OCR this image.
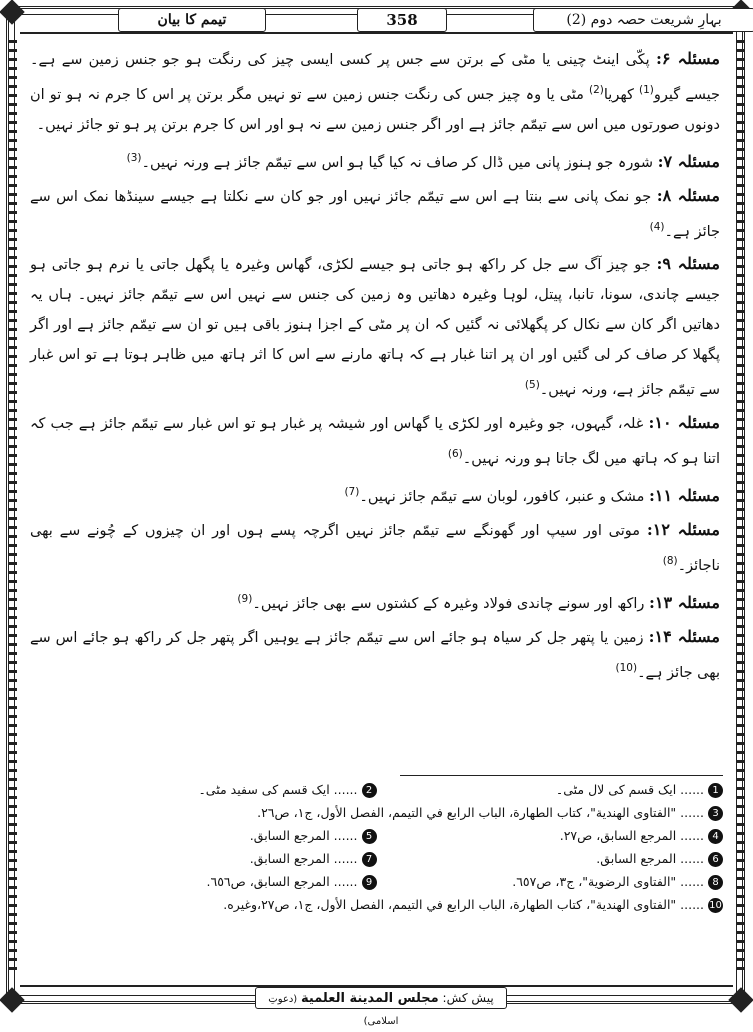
تیمم کا بیان	358	بہارِ شریعت حصہ دوم (2)

مسئلہ ۶: پکّی اینٹ چینی یا مٹی کے برتن سے جس پر کسی ایسی چیز کی رنگت ہو جو جنس زمین سے ہے۔ جیسے گیرو$^{(1)}$ کھریا$^{(2)}$ مٹی یا وہ چیز جس کی رنگت جنس زمین سے تو نہیں مگر برتن پر اس کا جرم نہ ہو تو ان دونوں صورتوں میں اس سے تیمّم جائز ہے اور اگر جنس زمین سے نہ ہو اور اس کا جرم برتن پر ہو تو جائز نہیں۔

مسئلہ ۷: شورہ جو ہنوز پانی میں ڈال کر صاف نہ کیا گیا ہو اس سے تیمّم جائز ہے ورنہ نہیں۔$^{(3)}$

مسئلہ ۸: جو نمک پانی سے بنتا ہے اس سے تیمّم جائز نہیں اور جو کان سے نکلتا ہے جیسے سینڈھا نمک اس سے جائز ہے۔$^{(4)}$

مسئلہ ۹: جو چیز آگ سے جل کر راکھ ہو جاتی ہو جیسے لکڑی، گھاس وغیرہ یا پگھل جاتی یا نرم ہو جاتی ہو جیسے چاندی، سونا، تانبا، پیتل، لوہا وغیرہ دھاتیں وہ زمین کی جنس سے نہیں اس سے تیمّم جائز نہیں۔ ہاں یہ دھاتیں اگر کان سے نکال کر پگھلائی نہ گئیں کہ ان پر مٹی کے اجزا ہنوز باقی ہیں تو ان سے تیمّم جائز ہے اور اگر پگھلا کر صاف کر لی گئیں اور ان پر اتنا غبار ہے کہ ہاتھ مارنے سے اس کا اثر ہاتھ میں ظاہر ہوتا ہے تو اس غبار سے تیمّم جائز ہے، ورنہ نہیں۔$^{(5)}$

مسئلہ ۱۰: غلہ، گیہوں، جو وغیرہ اور لکڑی یا گھاس اور شیشہ پر غبار ہو تو اس غبار سے تیمّم جائز ہے جب کہ اتنا ہو کہ ہاتھ میں لگ جاتا ہو ورنہ نہیں۔$^{(6)}$

مسئلہ ۱۱: مشک و عنبر، کافور، لوبان سے تیمّم جائز نہیں۔$^{(7)}$

مسئلہ ۱۲: موتی اور سیپ اور گھونگے سے تیمّم جائز نہیں اگرچہ پسے ہوں اور ان چیزوں کے چُونے سے بھی ناجائز۔$^{(8)}$

مسئلہ ۱۳: راکھ اور سونے چاندی فولاد وغیرہ کے کشتوں سے بھی جائز نہیں۔$^{(9)}$

مسئلہ ۱۴: زمین یا پتھر جل کر سیاہ ہو جائے اس سے تیمّم جائز ہے یوہیں اگر پتھر جل کر راکھ ہو جائے اس سے بھی جائز ہے۔$^{(10)}$

1...... ایک قسم کی لال مٹی۔
2...... ایک قسم کی سفید مٹی۔
3...... "الفتاوى الهندية"، كتاب الطهارة، الباب الرابع في التيمم، الفصل الأول، ج١، ص٢٦.
4...... المرجع السابق، ص٢٧.
5...... المرجع السابق.
6...... المرجع السابق.
7...... المرجع السابق.
8...... "الفتاوى الرضوية"، ج٣، ص٦٥٧.
9...... المرجع السابق، ص٦٥٦.
10...... "الفتاوى الهندية"، كتاب الطهارة، الباب الرابع في التيمم، الفصل الأول، ج١، ص٢٧،وغيره.
پیش کش: مجلس المدينة العلمية (دعوتِ اسلامی)
